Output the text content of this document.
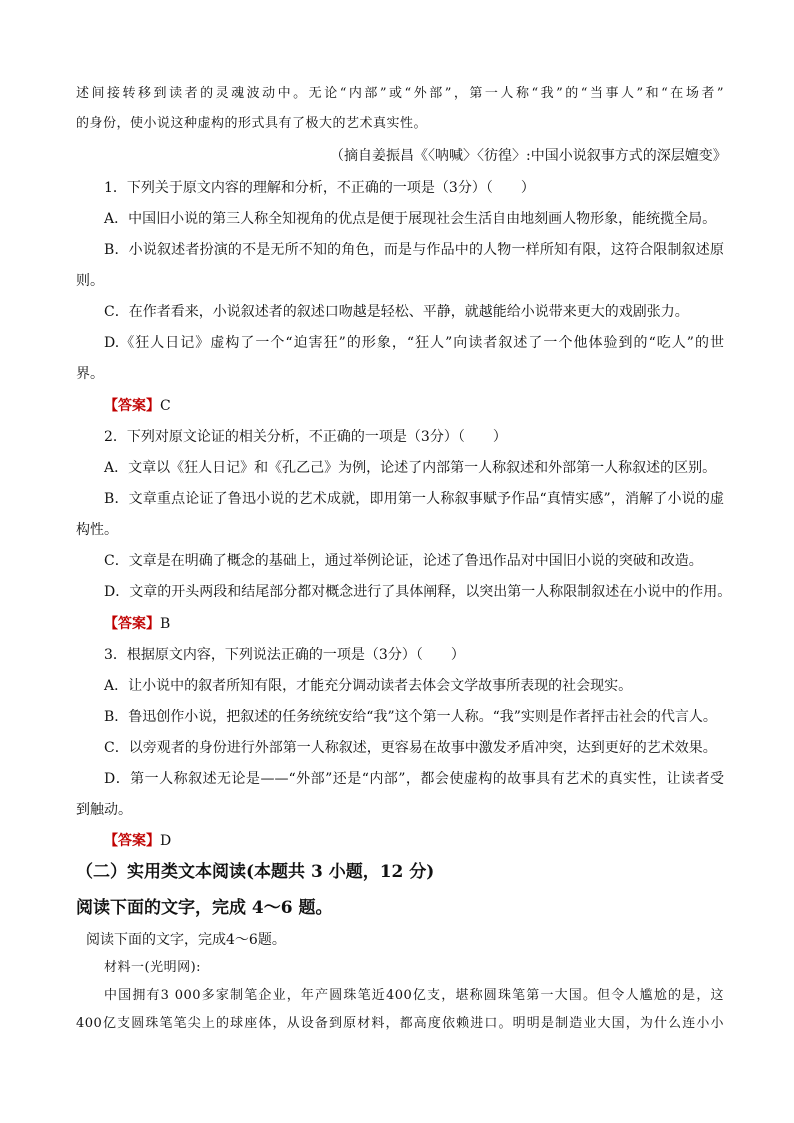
述间接转移到读者的灵魂波动中。无论“内部”或“外部”，第一人称“我”的“当事人”和“在场者”
的身份，使小说这种虚构的形式具有了极大的艺术真实性。
（摘自姜振昌《〈呐喊〉〈彷徨〉:中国小说叙事方式的深层嬗变》
1．下列关于原文内容的理解和分析，不正确的一项是（3分）（　　）
A．中国旧小说的第三人称全知视角的优点是便于展现社会生活自由地刻画人物形象，能统揽全局。
B．小说叙述者扮演的不是无所不知的角色，而是与作品中的人物一样所知有限，这符合限制叙述原
则。
C．在作者看来，小说叙述者的叙述口吻越是轻松、平静，就越能给小说带来更大的戏剧张力。
D.《狂人日记》虚构了一个“迫害狂”的形象，“狂人”向读者叙述了一个他体验到的“吃人”的世
界。
【答案】C
2．下列对原文论证的相关分析，不正确的一项是（3分）（　　）
A．文章以《狂人日记》和《孔乙己》为例，论述了内部第一人称叙述和外部第一人称叙述的区别。
B．文章重点论证了鲁迅小说的艺术成就，即用第一人称叙事赋予作品“真情实感”，消解了小说的虚
构性。
C．文章是在明确了概念的基础上，通过举例论证，论述了鲁迅作品对中国旧小说的突破和改造。
D．文章的开头两段和结尾部分都对概念进行了具体阐释，以突出第一人称限制叙述在小说中的作用。
【答案】B
3．根据原文内容，下列说法正确的一项是（3分）（　　）
A．让小说中的叙者所知有限，才能充分调动读者去体会文学故事所表现的社会现实。
B．鲁迅创作小说，把叙述的任务统统安给“我”这个第一人称。“我”实则是作者抨击社会的代言人。
C．以旁观者的身份进行外部第一人称叙述，更容易在故事中激发矛盾冲突，达到更好的艺术效果。
D．第一人称叙述无论是——“外部”还是“内部”，都会使虚构的故事具有艺术的真实性，让读者受
到触动。
【答案】D
（二）实用类文本阅读(本题共 3 小题，12 分)
阅读下面的文字，完成 4～6 题。
阅读下面的文字，完成4～6题。
材料一(光明网):
中国拥有3 000多家制笔企业，年产圆珠笔近400亿支，堪称圆珠笔第一大国。但令人尴尬的是，这
400亿支圆珠笔笔尖上的球座体，从设备到原材料，都高度依赖进口。明明是制造业大国，为什么连小小
